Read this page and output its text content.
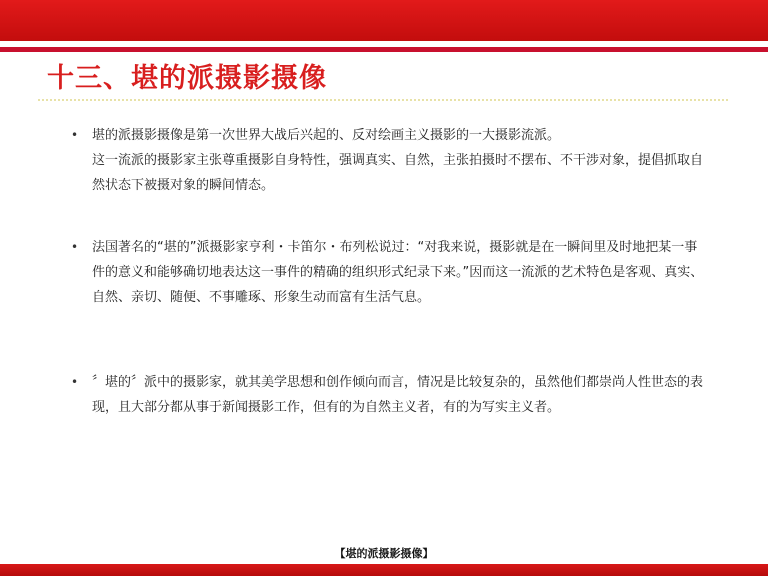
十三、堪的派摄影摄像
• 堪的派摄影摄像是第一次世界大战后兴起的、反对绘画主义摄影的一大摄影流派。

这一流派的摄影家主张尊重摄影自身特性，强调真实、自然，主张拍摄时不摆布、不干涉对象，提倡抓取自然状态下被摄对象的瞬间情态。

• 法国著名的“堪的”派摄影家亨利・卡笛尔・布列松说过：“对我来说，摄影就是在一瞬间里及时地把某一事件的意义和能够确切地表达这一事件的精确的组织形式纪录下来。”因而这一流派的艺术特色是客观、真实、自然、亲切、随便、不事雕琢、形象生动而富有生活气息。

• 〞堪的〞派中的摄影家，就其美学思想和创作倾向而言，情况是比较复杂的，虽然他们都崇尚人性世态的表现，且大部分都从事于新闻摄影工作，但有的为自然主义者，有的为写实主义者。

【堪的派摄影摄像】
